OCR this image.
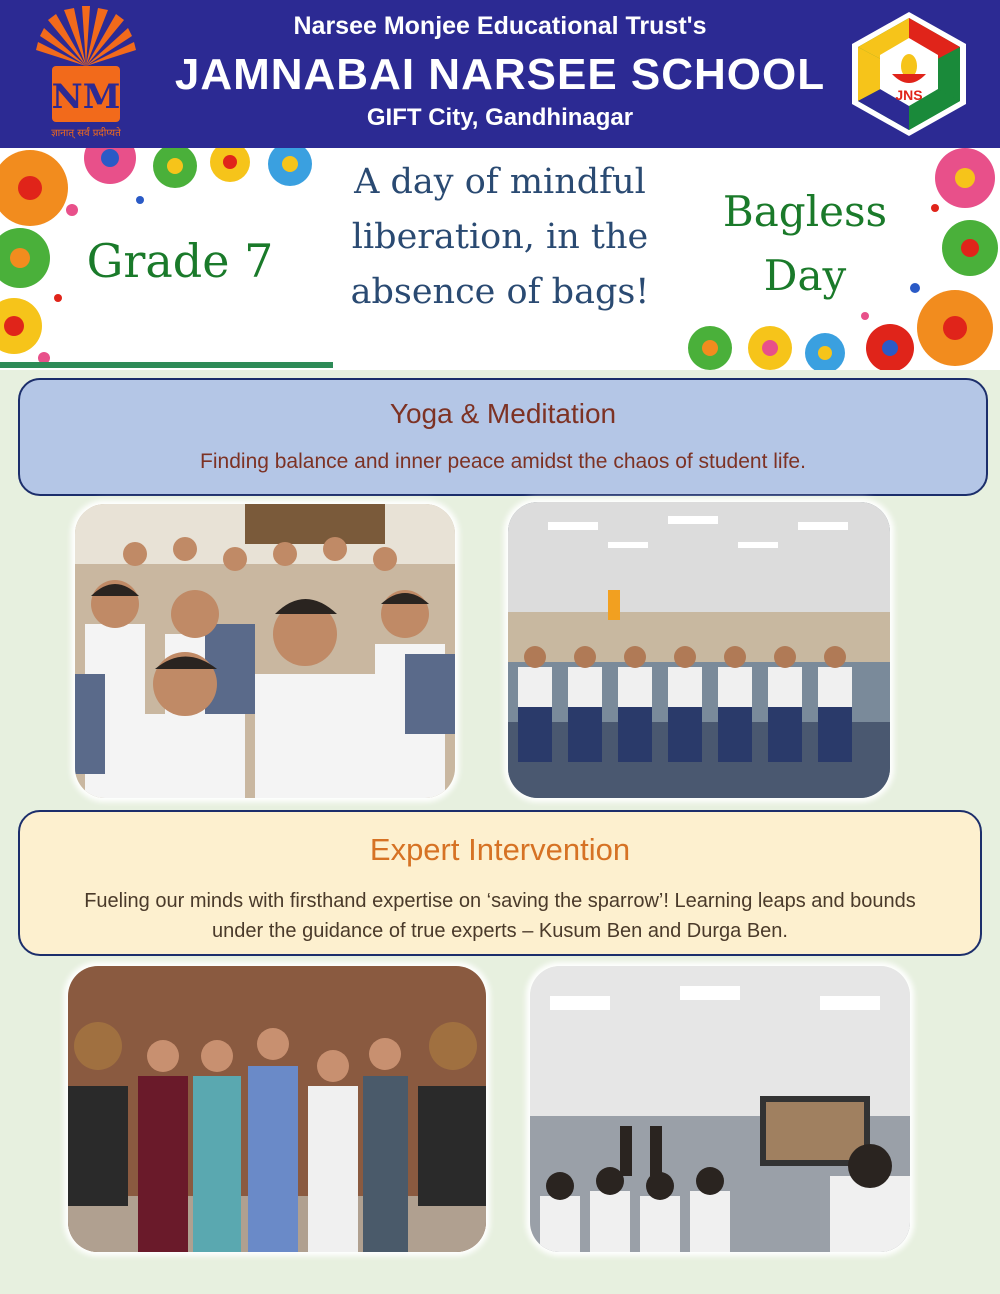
NM
ज्ञानात् सर्वं प्रदीप्यते
Narsee Monjee Educational Trust's
JAMNABAI NARSEE SCHOOL
GIFT City, Gandhinagar
JNS
Grade 7
A day of mindful
liberation, in the
absence of bags!
Bagless
Day
Yoga & Meditation
Finding balance and inner peace amidst the chaos of student life.
Expert Intervention
Fueling our minds with firsthand expertise on ‘saving the sparrow’! Learning leaps and bounds under the guidance of true experts – Kusum Ben and Durga Ben.
